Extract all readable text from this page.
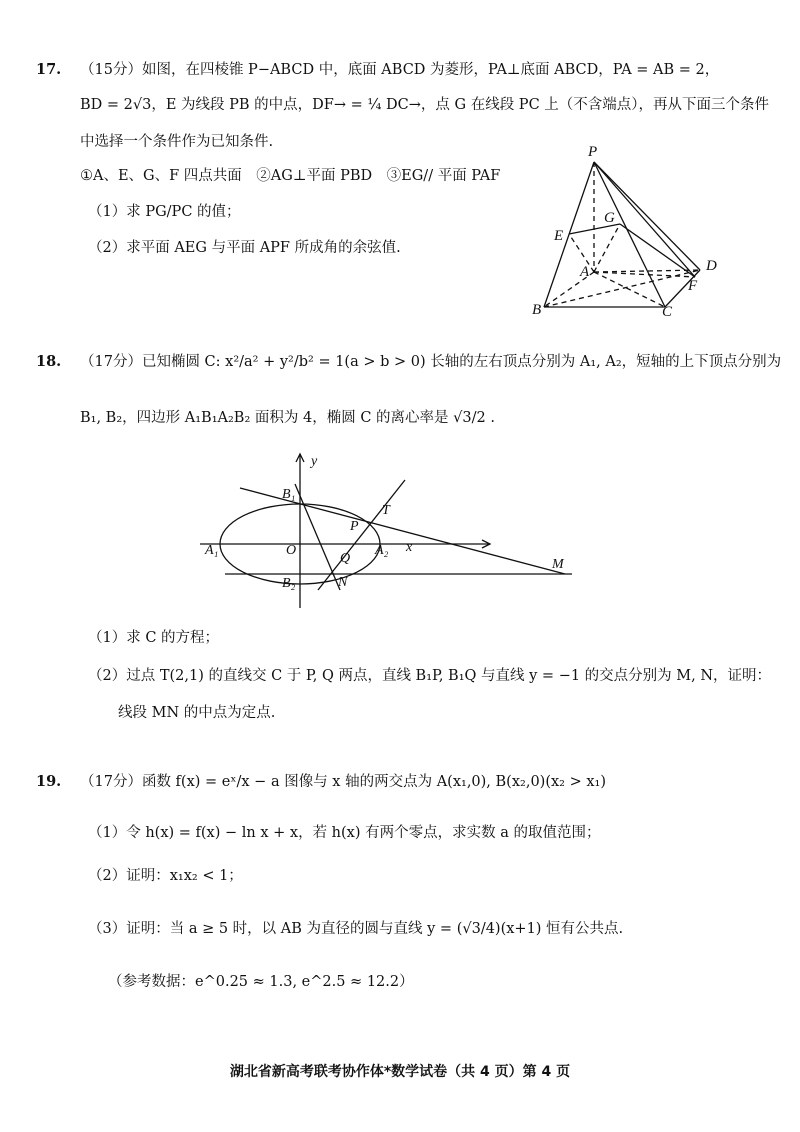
17. （15分）如图，在四棱锥 P−ABCD 中，底面 ABCD 为菱形，PA⊥底面 ABCD，PA = AB = 2，
BD = 2√3，E 为线段 PB 的中点，DF→ = ¼ DC→，点 G 在线段 PC 上（不含端点），再从下面三个条件
中选择一个条件作为已知条件.
①A、E、G、F 四点共面　②AG⊥平面 PBD　③EG// 平面 PAF
（1）求 PG/PC 的值；
（2）求平面 AEG 与平面 APF 所成角的余弦值.
P
G
E
A	D
F
B	C
18. （17分）已知椭圆 C: x²/a² + y²/b² = 1(a > b > 0) 长轴的左右顶点分别为 A₁, A₂，短轴的上下顶点分别为
B₁, B₂，四边形 A₁B₁A₂B₂ 面积为 4，椭圆 C 的离心率是 √3/2 .
y
x
B₁
B₂
A₁	A₂
O
P
T
Q
N
M
（1）求 C 的方程；
（2）过点 T(2,1) 的直线交 C 于 P, Q 两点，直线 B₁P, B₁Q 与直线 y = −1 的交点分别为 M, N，证明：
线段 MN 的中点为定点.
19. （17分）函数 f(x) = eˣ/x − a 图像与 x 轴的两交点为 A(x₁,0), B(x₂,0)(x₂ > x₁)
（1）令 h(x) = f(x) − ln x + x，若 h(x) 有两个零点，求实数 a 的取值范围；
（2）证明：x₁x₂ < 1；
（3）证明：当 a ≥ 5 时，以 AB 为直径的圆与直线 y = (√3/4)(x+1) 恒有公共点.
（参考数据：e^0.25 ≈ 1.3, e^2.5 ≈ 12.2）
湖北省新高考联考协作体*数学试卷（共 4 页）第 4 页
